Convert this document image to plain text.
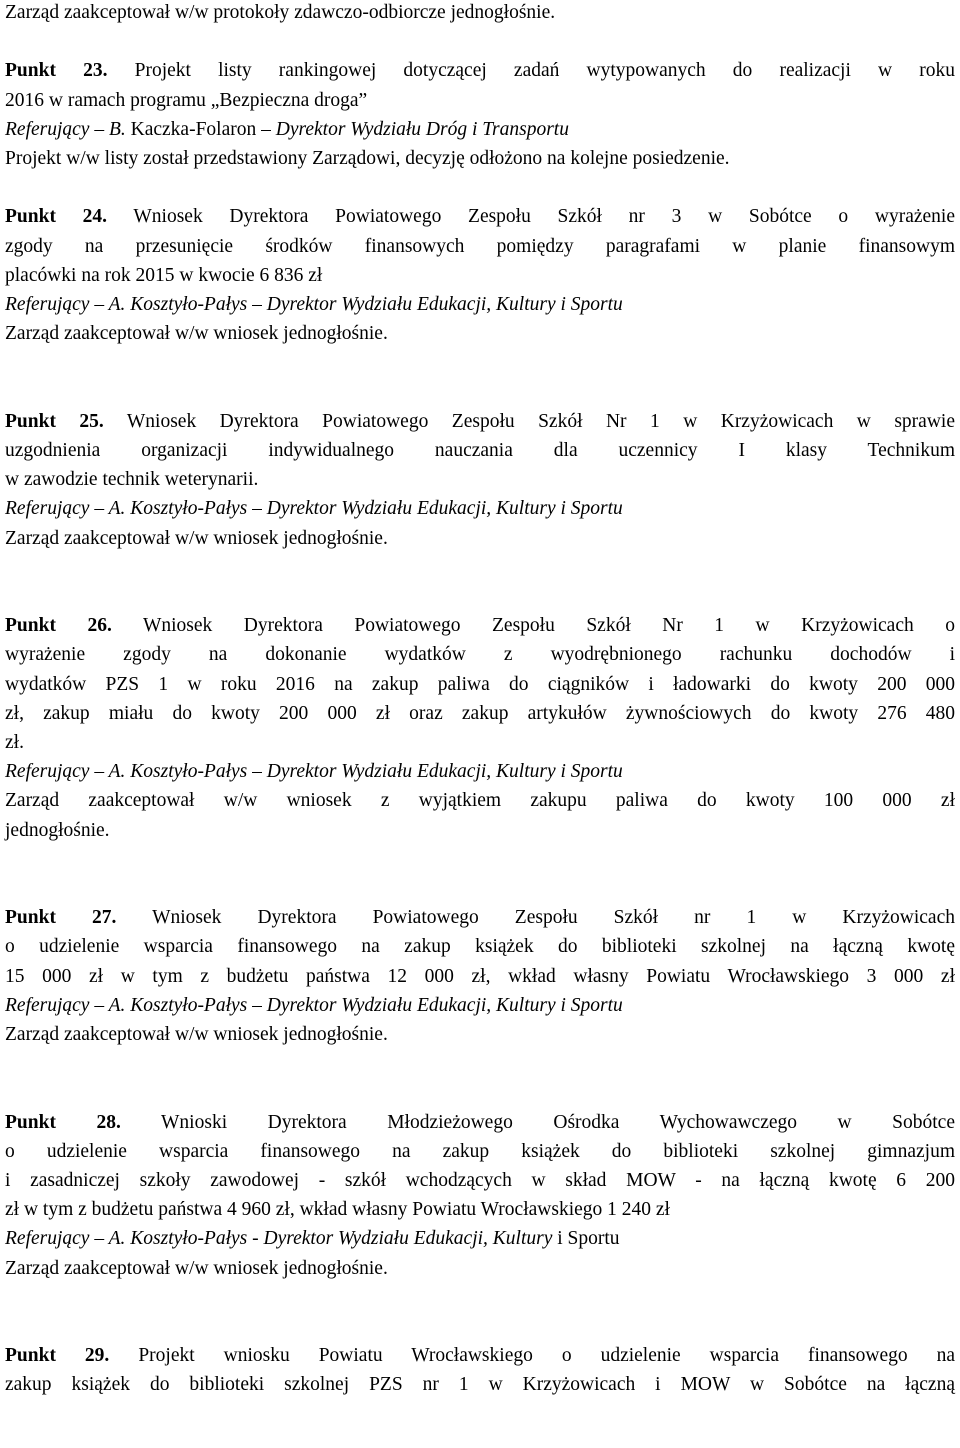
Zarząd zaakceptował w/w protokoły zdawczo-odbiorcze jednogłośnie.

Punkt 23. Projekt listy rankingowej dotyczącej zadań wytypowanych do realizacji w roku

2016 w ramach programu „Bezpieczna droga”

Referujący – B. Kaczka-Folaron – Dyrektor Wydziału Dróg i Transportu

Projekt w/w listy został przedstawiony Zarządowi, decyzję odłożono na kolejne posiedzenie.

Punkt 24. Wniosek Dyrektora Powiatowego Zespołu Szkół nr 3 w Sobótce o wyrażenie

zgody na przesunięcie środków finansowych pomiędzy paragrafami w planie finansowym

placówki na rok 2015 w kwocie 6 836 zł

Referujący – A. Kosztyło-Pałys – Dyrektor Wydziału Edukacji, Kultury i Sportu

Zarząd zaakceptował w/w wniosek jednogłośnie.

Punkt 25. Wniosek Dyrektora Powiatowego Zespołu Szkół Nr 1 w Krzyżowicach w sprawie

uzgodnienia organizacji indywidualnego nauczania dla uczennicy I klasy Technikum

w zawodzie technik weterynarii.

Referujący – A. Kosztyło-Pałys – Dyrektor Wydziału Edukacji, Kultury i Sportu

Zarząd zaakceptował w/w wniosek jednogłośnie.

Punkt 26. Wniosek Dyrektora Powiatowego Zespołu Szkół Nr 1 w Krzyżowicach o

wyrażenie zgody na dokonanie wydatków z wyodrębnionego rachunku dochodów i

wydatków PZS 1 w roku 2016 na zakup paliwa do ciągników i ładowarki do kwoty 200 000

zł, zakup miału do kwoty 200 000 zł oraz zakup artykułów żywnościowych do kwoty 276 480

zł.

Referujący – A. Kosztyło-Pałys – Dyrektor Wydziału Edukacji, Kultury i Sportu

Zarząd zaakceptował w/w wniosek z wyjątkiem zakupu paliwa do kwoty 100 000 zł

jednogłośnie.

Punkt 27. Wniosek Dyrektora Powiatowego Zespołu Szkół nr 1 w Krzyżowicach

o udzielenie wsparcia finansowego na zakup książek do biblioteki szkolnej na łączną kwotę

15 000 zł w tym z budżetu państwa 12 000 zł, wkład własny Powiatu Wrocławskiego 3 000 zł

Referujący – A. Kosztyło-Pałys – Dyrektor Wydziału Edukacji, Kultury i Sportu

Zarząd zaakceptował w/w wniosek jednogłośnie.

Punkt 28. Wnioski Dyrektora Młodzieżowego Ośrodka Wychowawczego w Sobótce

o udzielenie wsparcia finansowego na zakup książek do biblioteki szkolnej gimnazjum

i zasadniczej szkoły zawodowej - szkół wchodzących w skład MOW - na łączną kwotę 6 200

zł w tym z budżetu państwa 4 960 zł, wkład własny Powiatu Wrocławskiego 1 240 zł

Referujący – A. Kosztyło-Pałys - Dyrektor Wydziału Edukacji, Kultury i Sportu

Zarząd zaakceptował w/w wniosek jednogłośnie.

Punkt 29. Projekt wniosku Powiatu Wrocławskiego o udzielenie wsparcia finansowego na

zakup książek do biblioteki szkolnej PZS nr 1 w Krzyżowicach i MOW w Sobótce na łączną
